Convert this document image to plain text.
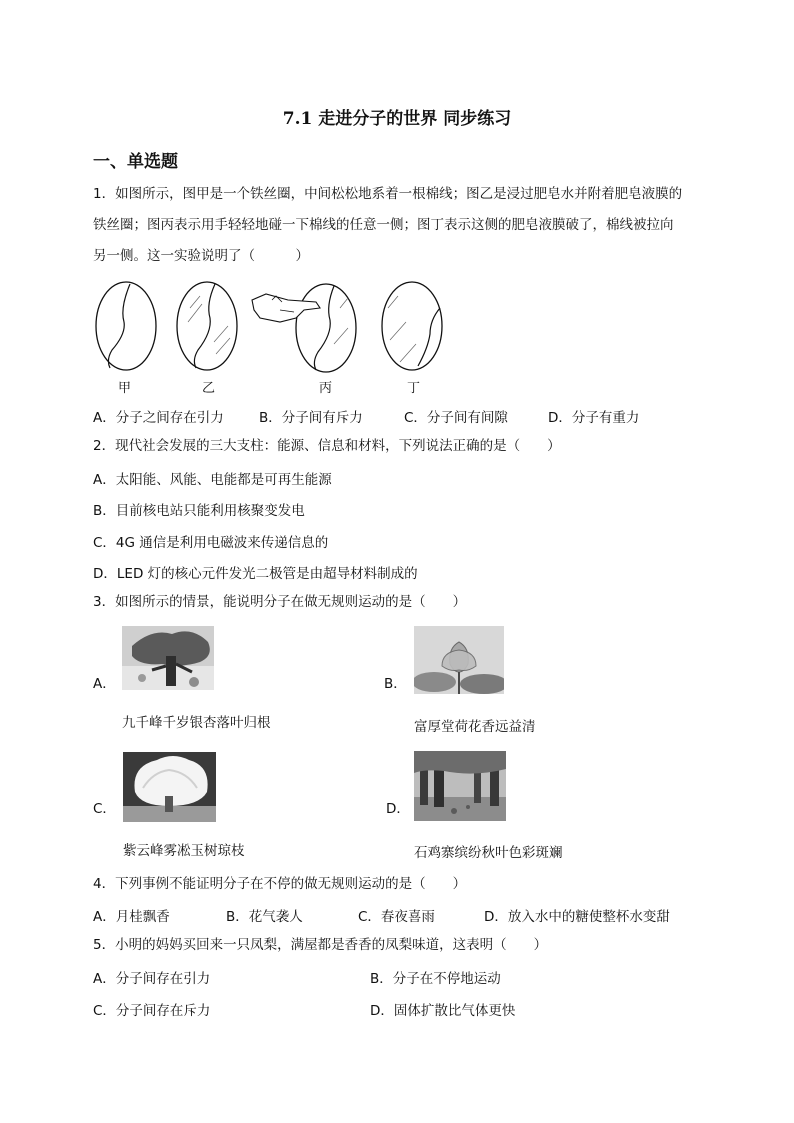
7.1 走进分子的世界 同步练习
一、单选题
1．如图所示，图甲是一个铁丝圈，中间松松地系着一根棉线；图乙是浸过肥皂水并附着肥皂液膜的
铁丝圈；图丙表示用手轻轻地碰一下棉线的任意一侧；图丁表示这侧的肥皂液膜破了，棉线被拉向
另一侧。这一实验说明了（　　　）
甲	乙	丙	丁
A．分子之间存在引力	B．分子间有斥力	C．分子间有间隙	D．分子有重力
2．现代社会发展的三大支柱：能源、信息和材料，下列说法正确的是（　　）
A．太阳能、风能、电能都是可再生能源
B．目前核电站只能利用核聚变发电
C．4G 通信是利用电磁波来传递信息的
D．LED 灯的核心元件发光二极管是由超导材料制成的
3．如图所示的情景，能说明分子在做无规则运动的是（　　）
A．
九千峰千岁银杏落叶归根
B．
富厚堂荷花香远益清
C．
紫云峰雾凇玉树琼枝
D．
石鸡寨缤纷秋叶色彩斑斓
4．下列事例不能证明分子在不停的做无规则运动的是（　　）
A．月桂飘香	B．花气袭人	C．春夜喜雨	D．放入水中的糖使整杯水变甜
5．小明的妈妈买回来一只凤梨，满屋都是香香的凤梨味道，这表明（　　）
A．分子间存在引力	B．分子在不停地运动
C．分子间存在斥力	D．固体扩散比气体更快
